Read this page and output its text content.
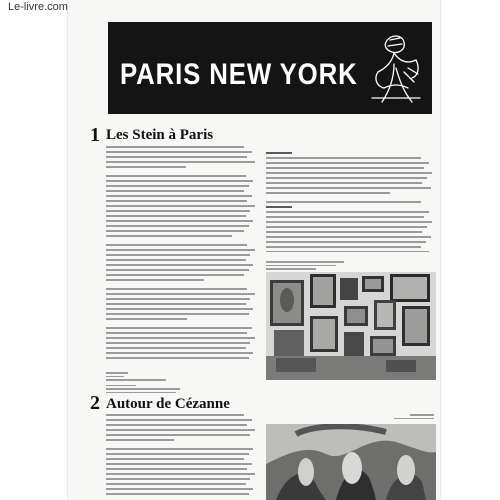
Le-livre.com
PARIS NEW YORK
1 Les Stein à Paris
2 Autour de Cézanne
